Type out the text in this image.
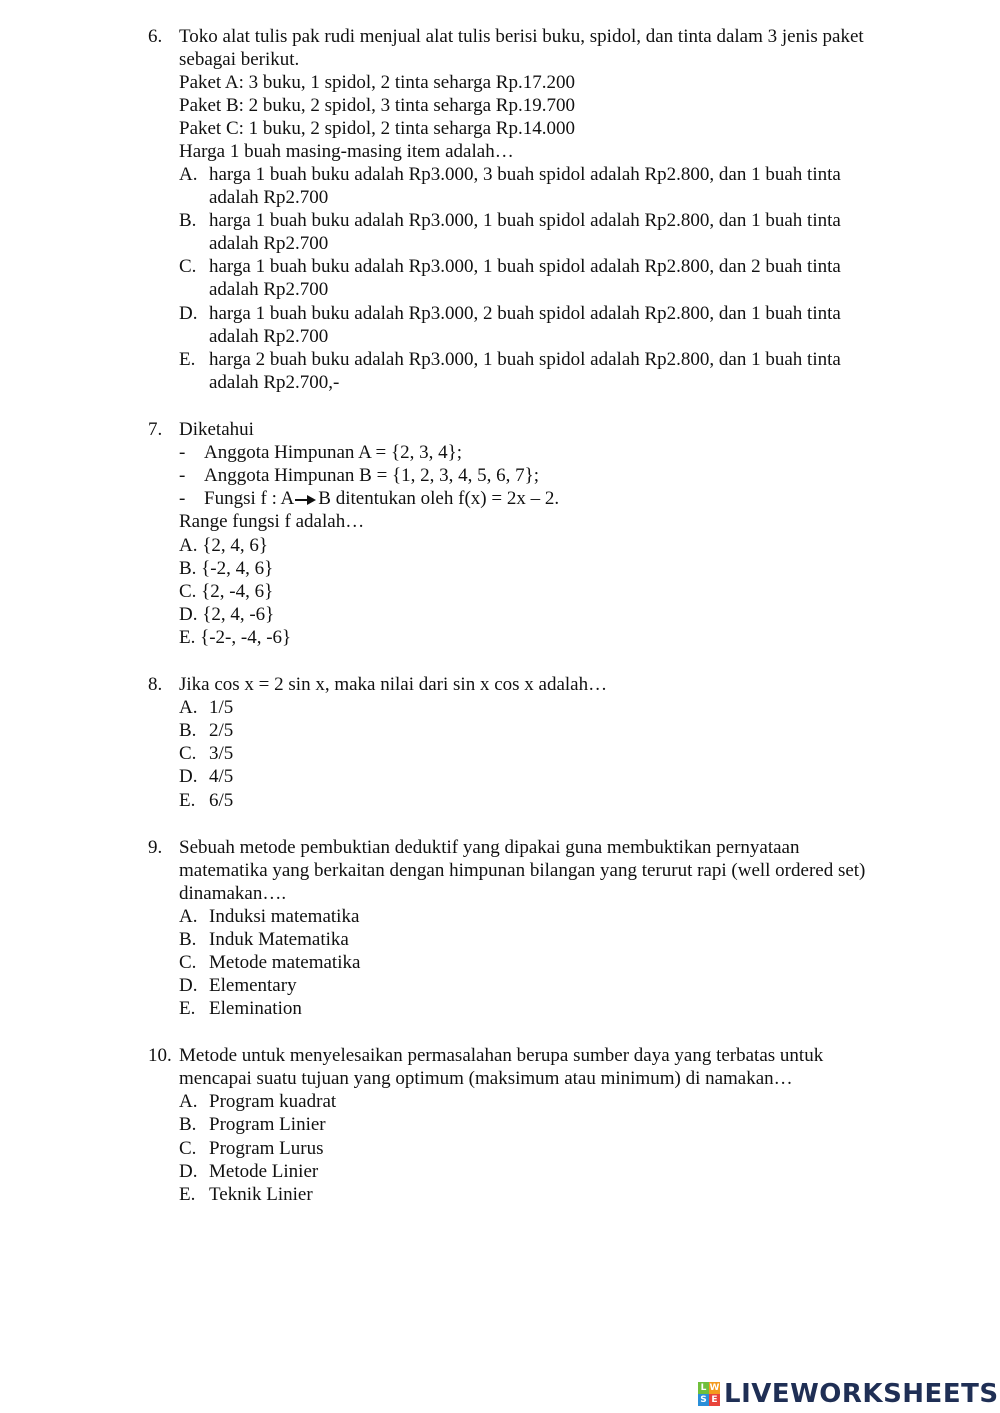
6. Toko alat tulis pak rudi menjual alat tulis berisi buku, spidol, dan tinta dalam 3 jenis paket
sebagai berikut.
Paket A: 3 buku, 1 spidol, 2 tinta seharga Rp.17.200
Paket B: 2 buku, 2 spidol, 3 tinta seharga Rp.19.700
Paket C: 1 buku, 2 spidol, 2 tinta seharga Rp.14.000
Harga 1 buah masing-masing item adalah…
A. harga 1 buah buku adalah Rp3.000, 3 buah spidol adalah Rp2.800, dan 1 buah tinta
adalah Rp2.700
B. harga 1 buah buku adalah Rp3.000, 1 buah spidol adalah Rp2.800, dan 1 buah tinta
adalah Rp2.700
C. harga 1 buah buku adalah Rp3.000, 1 buah spidol adalah Rp2.800, dan 2 buah tinta
adalah Rp2.700
D. harga 1 buah buku adalah Rp3.000, 2 buah spidol adalah Rp2.800, dan 1 buah tinta
adalah Rp2.700
E. harga 2 buah buku adalah Rp3.000, 1 buah spidol adalah Rp2.800, dan 1 buah tinta
adalah Rp2.700,-
7. Diketahui
- Anggota Himpunan A = {2, 3, 4};
- Anggota Himpunan B = {1, 2, 3, 4, 5, 6, 7};
- Fungsi f : A B ditentukan oleh f(x) = 2x – 2.
Range fungsi f adalah…
A. {2, 4, 6}
B. {-2, 4, 6}
C. {2, -4, 6}
D. {2, 4, -6}
E. {-2-, -4, -6}
8. Jika cos x = 2 sin x, maka nilai dari sin x cos x adalah…
A. 1/5
B. 2/5
C. 3/5
D. 4/5
E. 6/5
9. Sebuah metode pembuktian deduktif yang dipakai guna membuktikan pernyataan
matematika yang berkaitan dengan himpunan bilangan yang terurut rapi (well ordered set)
dinamakan….
A. Induksi matematika
B. Induk Matematika
C. Metode matematika
D. Elementary
E. Elemination
10. Metode untuk menyelesaikan permasalahan berupa sumber daya yang terbatas untuk
mencapai suatu tujuan yang optimum (maksimum atau minimum) di namakan…
A. Program kuadrat
B. Program Linier
C. Program Lurus
D. Metode Linier
E. Teknik Linier
L W
S E LIVEWORKSHEETS
